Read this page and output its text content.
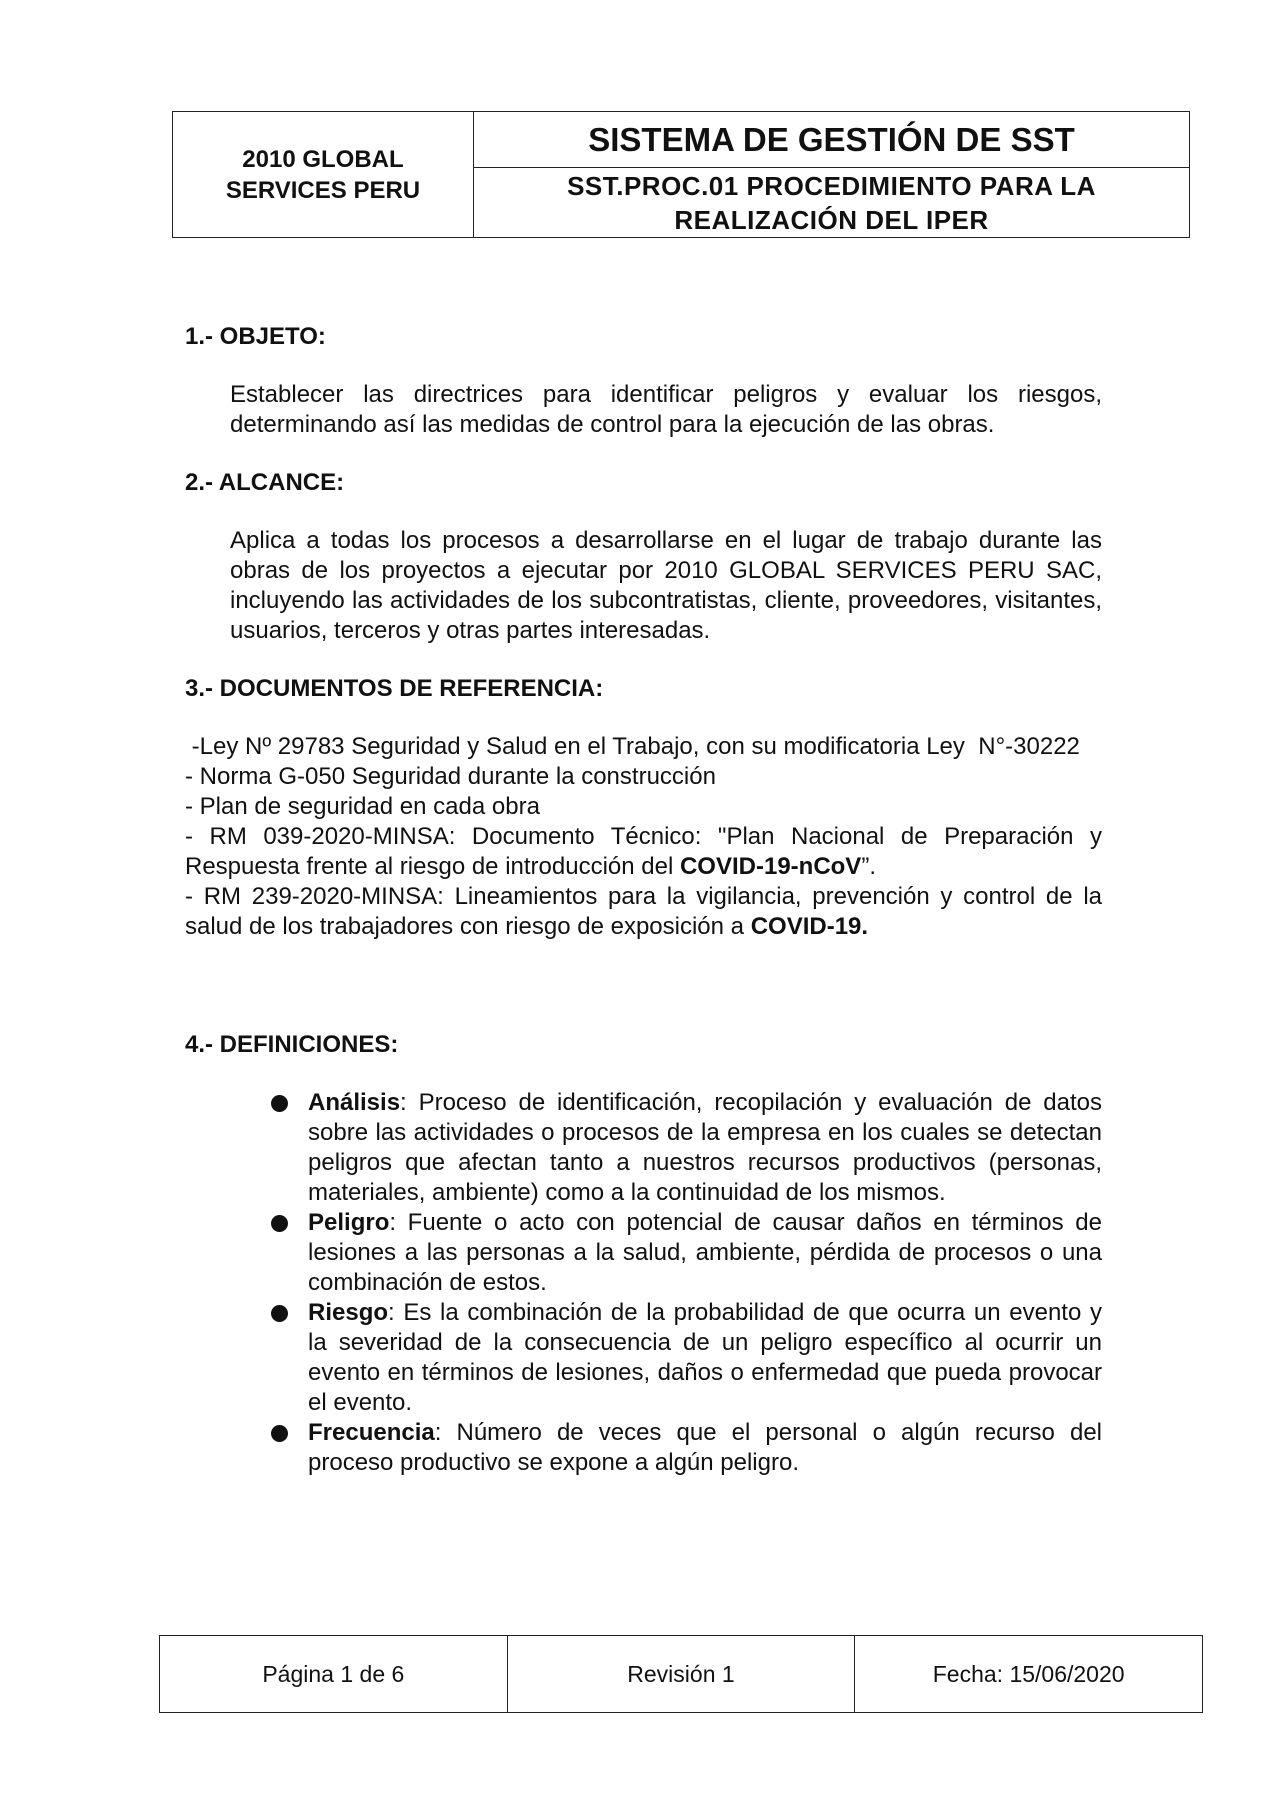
2010 GLOBAL
SERVICES PERU
	SISTEMA DE GESTIÓN DE SST

SST.PROC.01 PROCEDIMIENTO PARA LA
REALIZACIÓN DEL IPER

1.- OBJETO:

Establecer las directrices para identificar peligros y evaluar los riesgos, determinando así las medidas de control para la ejecución de las obras.

2.- ALCANCE:

Aplica a todas los procesos a desarrollarse en el lugar de trabajo durante las obras de los proyectos a ejecutar por 2010 GLOBAL SERVICES PERU SAC, incluyendo las actividades de los subcontratistas, cliente, proveedores, visitantes, usuarios, terceros y otras partes interesadas.

3.- DOCUMENTOS DE REFERENCIA:

-Ley Nº 29783 Seguridad y Salud en el Trabajo, con su modificatoria Ley  N°-30222
- Norma G-050 Seguridad durante la construcción
- Plan de seguridad en cada obra
- RM 039-2020-MINSA: Documento Técnico: "Plan Nacional de Preparación y Respuesta frente al riesgo de introducción del COVID-19-nCoV”.
- RM 239-2020-MINSA: Lineamientos para la vigilancia, prevención y control de la salud de los trabajadores con riesgo de exposición a COVID-19.

4.- DEFINICIONES:

Análisis: Proceso de identificación, recopilación y evaluación de datos sobre las actividades o procesos de la empresa en los cuales se detectan peligros que afectan tanto a nuestros recursos productivos (personas, materiales, ambiente) como a la continuidad de los mismos.
Peligro: Fuente o acto con potencial de causar daños en términos de lesiones a las personas a la salud, ambiente, pérdida de procesos o una combinación de estos.
Riesgo: Es la combinación de la probabilidad de que ocurra un evento y la severidad de la consecuencia de un peligro específico al ocurrir un evento en términos de lesiones, daños o enfermedad que pueda provocar el evento.
Frecuencia: Número de veces que el personal o algún recurso del proceso productivo se expone a algún peligro.
Página 1 de 6	Revisión 1	Fecha: 15/06/2020
